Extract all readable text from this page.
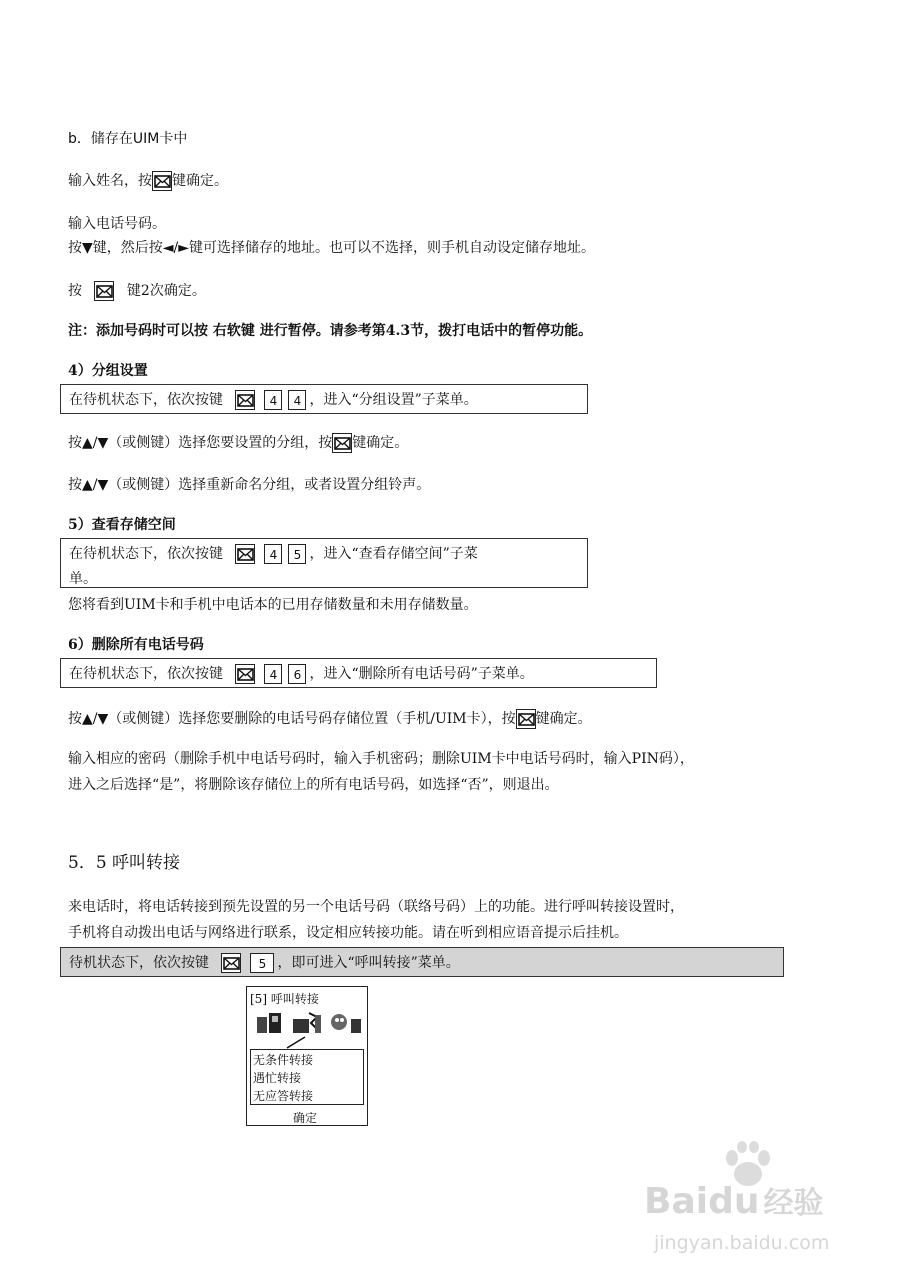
b．储存在UIM卡中
输入姓名，按 键确定。
输入电话号码。
按▼键，然后按◄/►键可选择储存的地址。也可以不选择，则手机自动设定储存地址。
按	键2次确定。
注：添加号码时可以按 右软键 进行暂停。请参考第4.3节，拨打电话中的暂停功能。
4）分组设置
在待机状态下，依次按键	4 4 ，进入“分组设置”子菜单。
按▲/▼（或侧键）选择您要设置的分组，按 键确定。
按▲/▼（或侧键）选择重新命名分组，或者设置分组铃声。
5）查看存储空间
在待机状态下，依次按键	4 5 ，进入“查看存储空间”子菜
单。
您将看到UIM卡和手机中电话本的已用存储数量和未用存储数量。
6）删除所有电话号码
在待机状态下，依次按键	4 6 ，进入“删除所有电话号码”子菜单。
按▲/▼（或侧键）选择您要删除的电话号码存储位置（手机/UIM卡），按 键确定。
输入相应的密码（删除手机中电话号码时，输入手机密码；删除UIM卡中电话号码时，输入PIN码），
进入之后选择“是”，将删除该存储位上的所有电话号码，如选择“否”，则退出。
5．5 呼叫转接
来电话时，将电话转接到预先设置的另一个电话号码（联络号码）上的功能。进行呼叫转接设置时，
手机将自动拨出电话与网络进行联系，设定相应转接功能。请在听到相应语音提示后挂机。
待机状态下，依次按键	5 ，即可进入“呼叫转接”菜单。
[5] 呼叫转接
无条件转接
遇忙转接
无应答转接
确定
Baidu 经验
jingyan.baidu.com
